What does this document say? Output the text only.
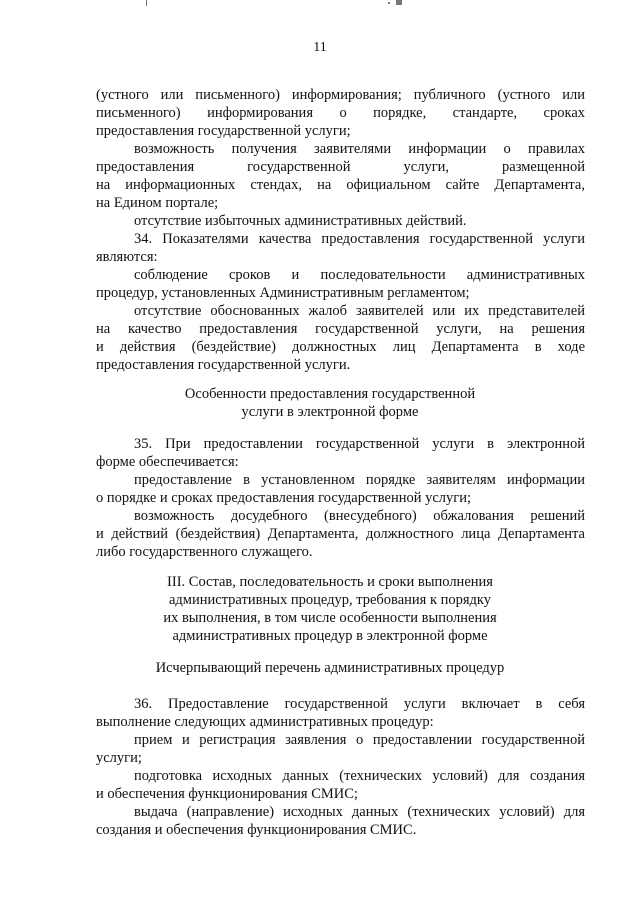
11
(устного или письменного) информирования; публичного (устного или
письменного) информирования о порядке, стандарте, сроках
предоставления государственной услуги;
возможность получения заявителями информации о правилах
предоставления государственной услуги, размещенной
на информационных стендах, на официальном сайте Департамента,
на Едином портале;
отсутствие избыточных административных действий.
34. Показателями качества предоставления государственной услуги
являются:
соблюдение сроков и последовательности административных
процедур, установленных Административным регламентом;
отсутствие обоснованных жалоб заявителей или их представителей
на качество предоставления государственной услуги, на решения
и действия (бездействие) должностных лиц Департамента в ходе
предоставления государственной услуги.
Особенности предоставления государственной
услуги в электронной форме
35. При предоставлении государственной услуги в электронной
форме обеспечивается:
предоставление в установленном порядке заявителям информации
о порядке и сроках предоставления государственной услуги;
возможность досудебного (внесудебного) обжалования решений
и действий (бездействия) Департамента, должностного лица Департамента
либо государственного служащего.
III. Состав, последовательность и сроки выполнения
административных процедур, требования к порядку
их выполнения, в том числе особенности выполнения
административных процедур в электронной форме
Исчерпывающий перечень административных процедур
36. Предоставление государственной услуги включает в себя
выполнение следующих административных процедур:
прием и регистрация заявления о предоставлении государственной
услуги;
подготовка исходных данных (технических условий) для создания
и обеспечения функционирования СМИС;
выдача (направление) исходных данных (технических условий) для
создания и обеспечения функционирования СМИС.
